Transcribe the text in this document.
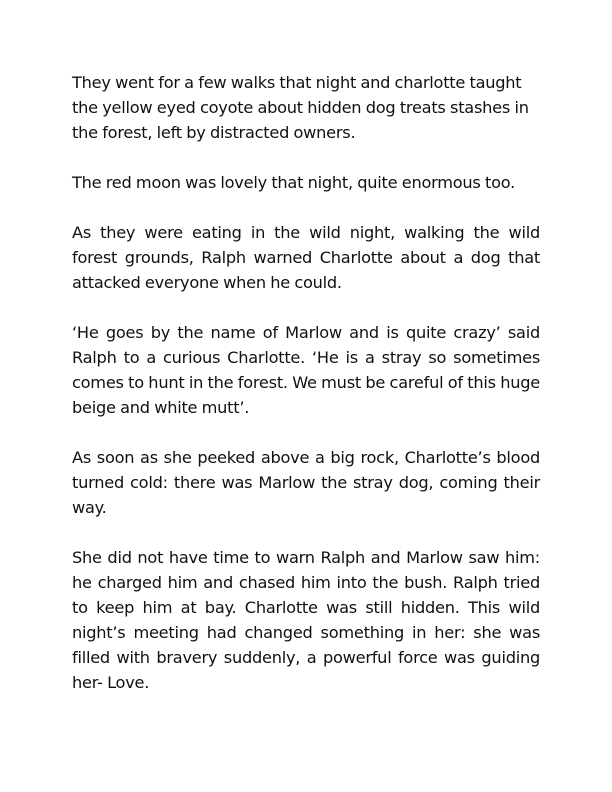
They went for a few walks that night and charlotte taught the yellow eyed coyote about hidden dog treats stashes in the forest, left by distracted owners.

The red moon was lovely that night, quite enormous too.

As they were eating in the wild night, walking the wild forest grounds, Ralph warned Charlotte about a dog that attacked everyone when he could.

‘He goes by the name of Marlow and is quite crazy’ said Ralph to a curious Charlotte. ‘He is a stray so sometimes comes to hunt in the forest. We must be careful of this huge beige and white mutt’.

As soon as she peeked above a big rock, Charlotte’s blood turned cold: there was Marlow the stray dog, coming their way.

She did not have time to warn Ralph and Marlow saw him: he charged him and chased him into the bush. Ralph tried to keep him at bay. Charlotte was still hidden. This wild night’s meeting had changed something in her: she was filled with bravery suddenly, a powerful force was guiding her- Love.
